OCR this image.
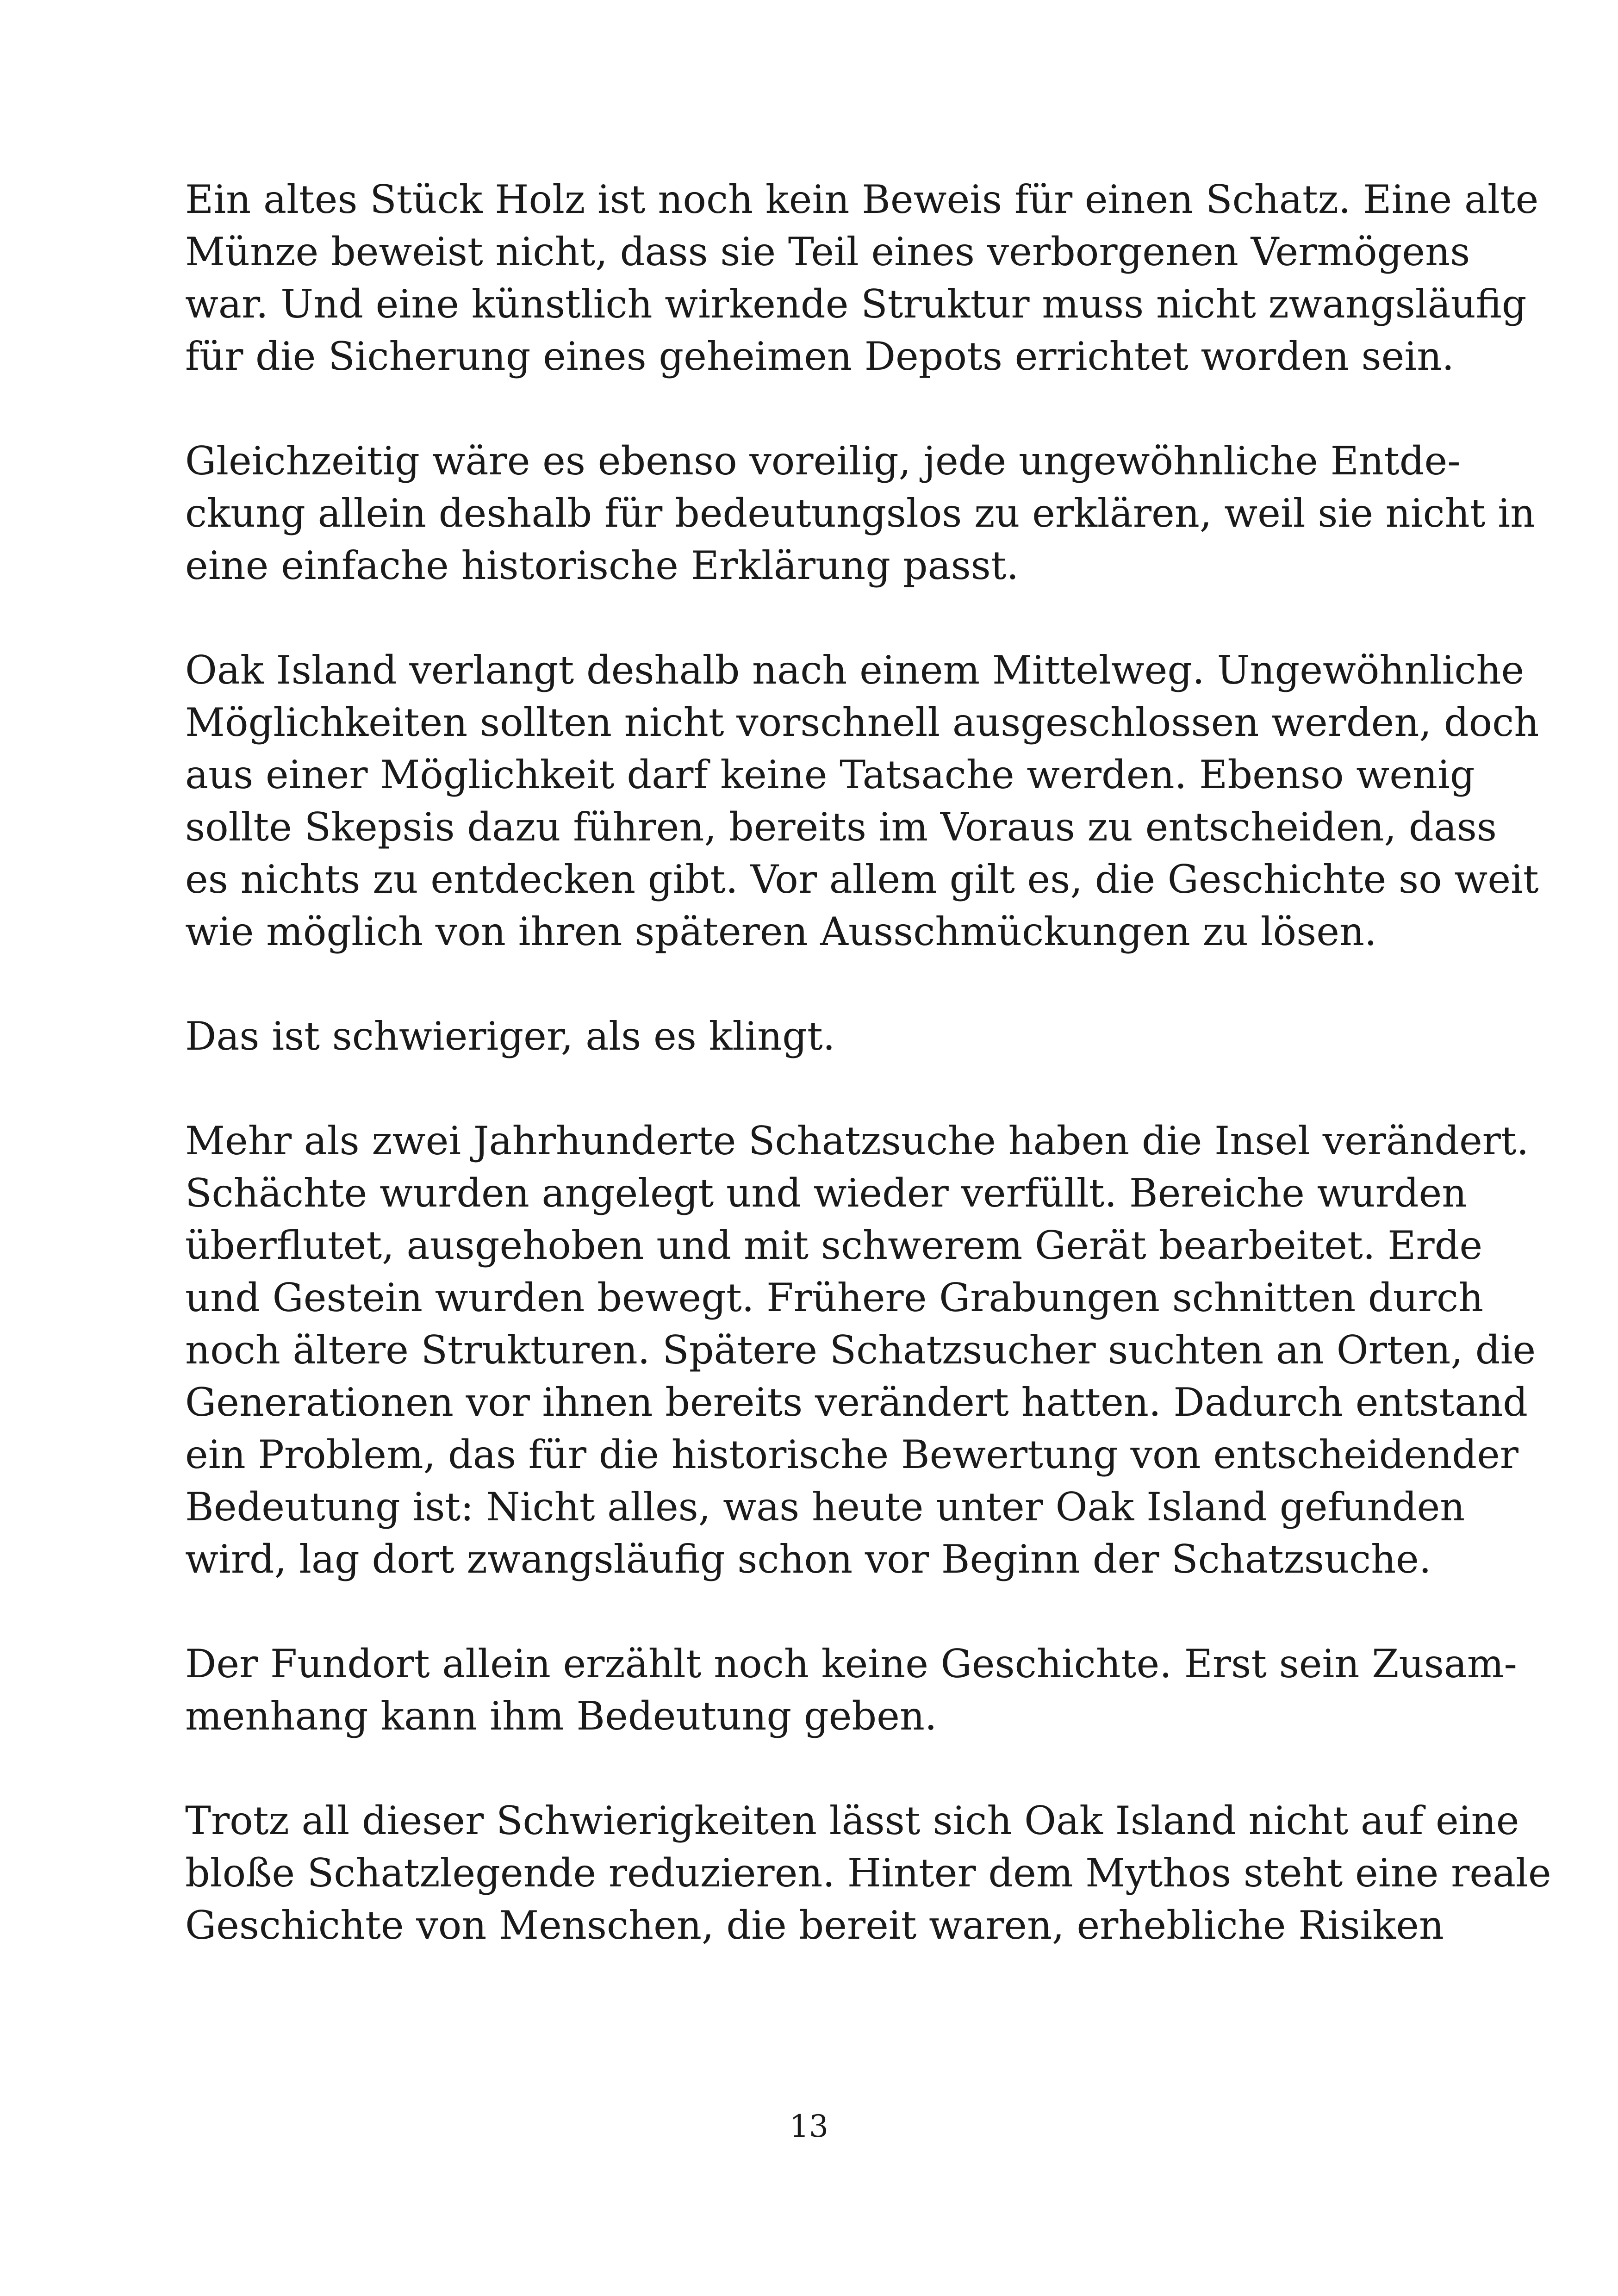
Ein altes Stück Holz ist noch kein Beweis für einen Schatz. Eine alte
Münze beweist nicht, dass sie Teil eines verborgenen Vermögens
war. Und eine künstlich wirkende Struktur muss nicht zwangsläufig
für die Sicherung eines geheimen Depots errichtet worden sein.

Gleichzeitig wäre es ebenso voreilig, jede ungewöhnliche Entde-
ckung allein deshalb für bedeutungslos zu erklären, weil sie nicht in
eine einfache historische Erklärung passt.

Oak Island verlangt deshalb nach einem Mittelweg. Ungewöhnliche
Möglichkeiten sollten nicht vorschnell ausgeschlossen werden, doch
aus einer Möglichkeit darf keine Tatsache werden. Ebenso wenig
sollte Skepsis dazu führen, bereits im Voraus zu entscheiden, dass
es nichts zu entdecken gibt. Vor allem gilt es, die Geschichte so weit
wie möglich von ihren späteren Ausschmückungen zu lösen.

Das ist schwieriger, als es klingt.

Mehr als zwei Jahrhunderte Schatzsuche haben die Insel verändert.
Schächte wurden angelegt und wieder verfüllt. Bereiche wurden
überflutet, ausgehoben und mit schwerem Gerät bearbeitet. Erde
und Gestein wurden bewegt. Frühere Grabungen schnitten durch
noch ältere Strukturen. Spätere Schatzsucher suchten an Orten, die
Generationen vor ihnen bereits verändert hatten. Dadurch entstand
ein Problem, das für die historische Bewertung von entscheidender
Bedeutung ist: Nicht alles, was heute unter Oak Island gefunden
wird, lag dort zwangsläufig schon vor Beginn der Schatzsuche.

Der Fundort allein erzählt noch keine Geschichte. Erst sein Zusam-
menhang kann ihm Bedeutung geben.

Trotz all dieser Schwierigkeiten lässt sich Oak Island nicht auf eine
bloße Schatzlegende reduzieren. Hinter dem Mythos steht eine reale
Geschichte von Menschen, die bereit waren, erhebliche Risiken

13
